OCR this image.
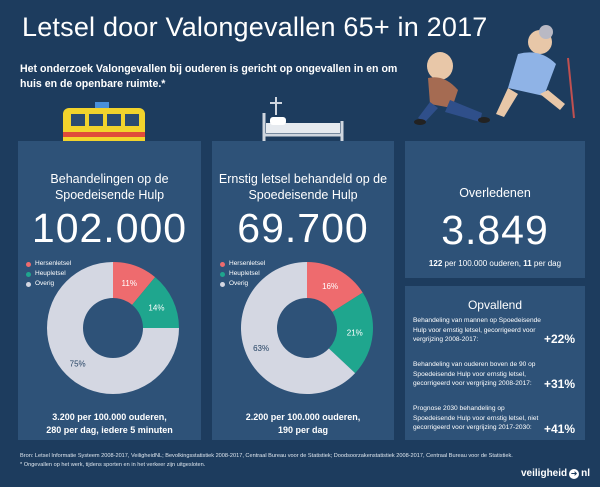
Letsel door Valongevallen 65+ in 2017
Het onderzoek Valongevallen bij ouderen is gericht op ongevallen in en om huis en de openbare ruimte.*
Behandelingen op de Spoedeisende Hulp
102.000
Hersenletsel
Heupletsel
Overig	11%
14%
75%
3.200 per 100.000 ouderen,
280 per dag, iedere 5 minuten
Ernstig letsel behandeld op de Spoedeisende Hulp
69.700
Hersenletsel
Heupletsel
Overig	16%
21%
63%
2.200 per 100.000 ouderen,
190 per dag
Overledenen
3.849
122 per 100.000 ouderen, 11 per dag
Opvallend
Behandeling van mannen op Spoedeisende Hulp voor ernstig letsel, gecorrigeerd voor vergrijzing 2008-2017:	+22%
Behandeling van ouderen boven de 90 op Spoedeisende Hulp voor ernstig letsel, gecorrigeerd voor vergrijzing 2008-2017:	+31%
Prognose 2030 behandeling op Spoedeisende Hulp voor ernstig letsel, niet gecorrigeerd voor vergrijzing 2017-2030:	+41%
Bron: Letsel Informatie Systeem 2008-2017, VeiligheidNL; Bevolkingsstatistiek 2008-2017, Centraal Bureau voor de Statistiek; Doodsoorzakenstatistiek 2008-2017, Centraal Bureau voor de Statistiek.
* Ongevallen op het werk, tijdens sporten en in het verkeer zijn uitgesloten.
veiligheid ➜ nl
